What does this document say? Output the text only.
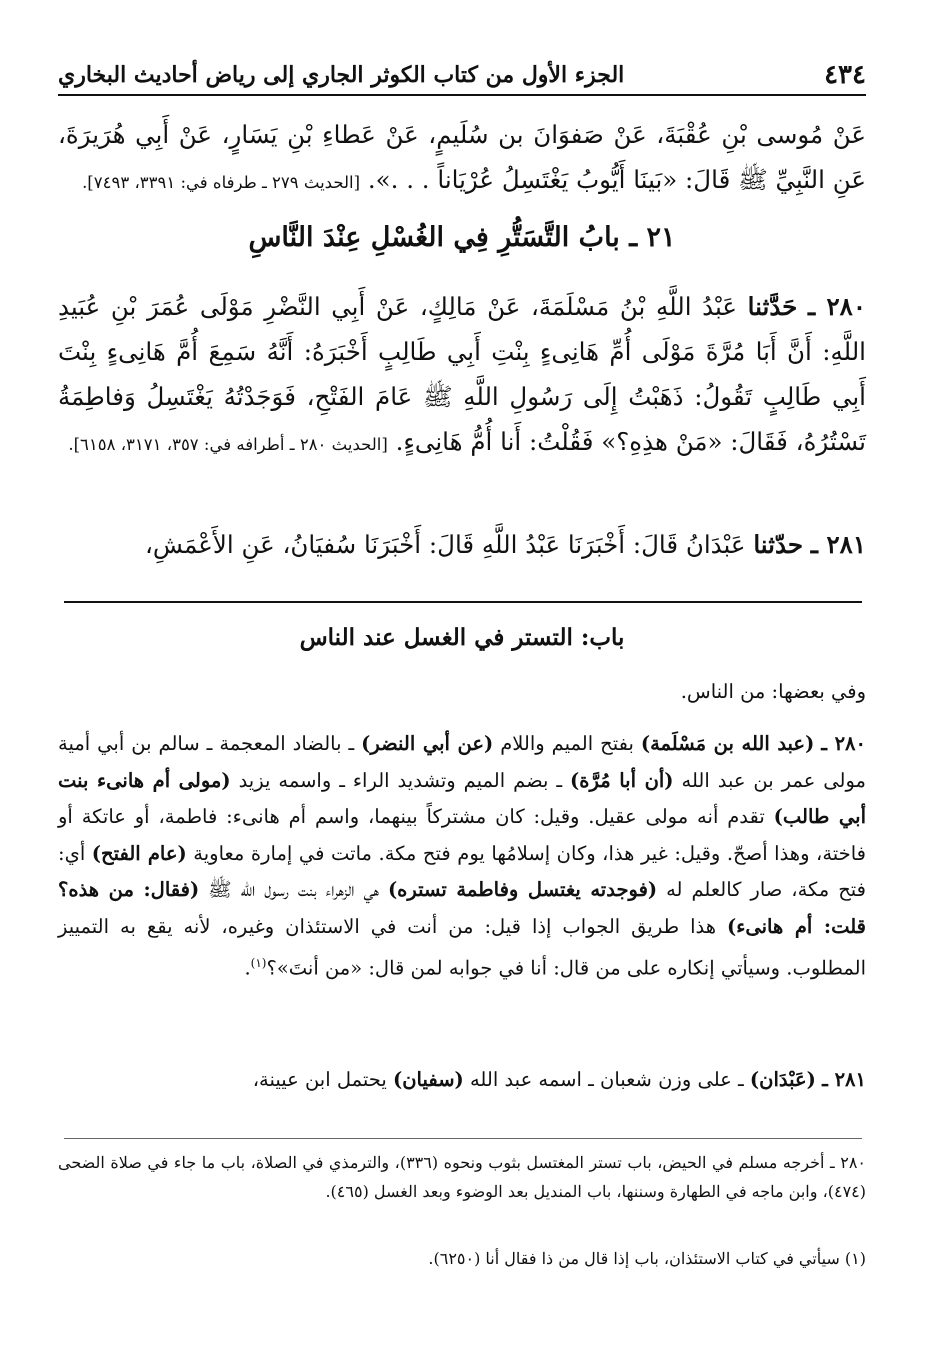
٤٣٤
الجزء الأول من كتاب الكوثر الجاري إلى رياض أحاديث البخاري
عَنْ مُوسى بْنِ عُقْبَةَ، عَنْ صَفوَانَ بن سُلَيمٍ، عَنْ عَطاءِ بْنِ يَسَارٍ، عَنْ أَبِي هُرَيرَةَ، عَنِ النَّبِيِّ ﷺ قَالَ: «بَينَا أَيُّوبُ يَغْتَسِلُ عُرْيَاناً . . .». [الحديث ٢٧٩ ـ طرفاه في: ٣٣٩١، ٧٤٩٣].
٢١ ـ بابُ التَّسَتُّرِ فِي الغُسْلِ عِنْدَ النَّاسِ
٢٨٠ ـ حَدَّثنا عَبْدُ اللَّهِ بْنُ مَسْلَمَةَ، عَنْ مَالِكٍ، عَنْ أَبِي النَّضْرِ مَوْلَى عُمَرَ بْنِ عُبَيدِ اللَّهِ: أَنَّ أَبَا مُرَّةَ مَوْلَى أُمِّ هَانِىءٍ بِنْتِ أَبِي طَالِبٍ أَخْبَرَهُ: أَنَّهُ سَمِعَ أُمَّ هَانِىءٍ بِنْتَ أَبِي طَالِبٍ تَقُولُ: ذَهَبْتُ إِلَى رَسُولِ اللَّهِ ﷺ عَامَ الفَتْحِ، فَوَجَدْتُهُ يَغْتَسِلُ وَفاطِمَةُ تَسْتُرُهُ، فَقَالَ: «مَنْ هذِهِ؟» فَقُلْتُ: أَنا أُمُّ هَانِىءٍ. [الحديث ٢٨٠ ـ أطرافه في: ٣٥٧، ٣١٧١، ٦١٥٨].
٢٨١ ـ حدّثنا عَبْدَانُ قَالَ: أَخْبَرَنَا عَبْدُ اللَّهِ قَالَ: أَخْبَرَنَا سُفيَانُ، عَنِ الأَعْمَشِ،
باب: التستر في الغسل عند الناس
وفي بعضها: من الناس.
٢٨٠ ـ (عبد الله بن مَسْلَمة) بفتح الميم واللام (عن أبي النضر) ـ بالضاد المعجمة ـ سالم بن أبي أمية مولى عمر بن عبد الله (أن أبا مُرَّة) ـ بضم الميم وتشديد الراء ـ واسمه يزيد (مولى أم هانىء بنت أبي طالب) تقدم أنه مولى عقيل. وقيل: كان مشتركاً بينهما، واسم أم هانىء: فاطمة، أو عاتكة أو فاختة، وهذا أصحّ. وقيل: غير هذا، وكان إسلامُها يوم فتح مكة. ماتت في إمارة معاوية (عام الفتح) أي: فتح مكة، صار كالعلم له (فوجدته يغتسل وفاطمة تستره) هي الزهراء بنت رسول الله ﷺ (فقال: من هذه؟ قلت: أم هانىء) هذا طريق الجواب إذا قيل: من أنت في الاستئذان وغيره، لأنه يقع به التمييز المطلوب. وسيأتي إنكاره على من قال: أنا في جوابه لمن قال: «من أنتَ»؟$^{(١)}$.
٢٨١ ـ (عَبْدَان) ـ على وزن شعبان ـ اسمه عبد الله (سفيان) يحتمل ابن عيينة،
٢٨٠ ـ أخرجه مسلم في الحيض، باب تستر المغتسل بثوب ونحوه (٣٣٦)، والترمذي في الصلاة، باب ما جاء في صلاة الضحى (٤٧٤)، وابن ماجه في الطهارة وسننها، باب المنديل بعد الوضوء وبعد الغسل (٤٦٥).
(١) سيأتي في كتاب الاستئذان، باب إذا قال من ذا فقال أنا (٦٢٥٠).
